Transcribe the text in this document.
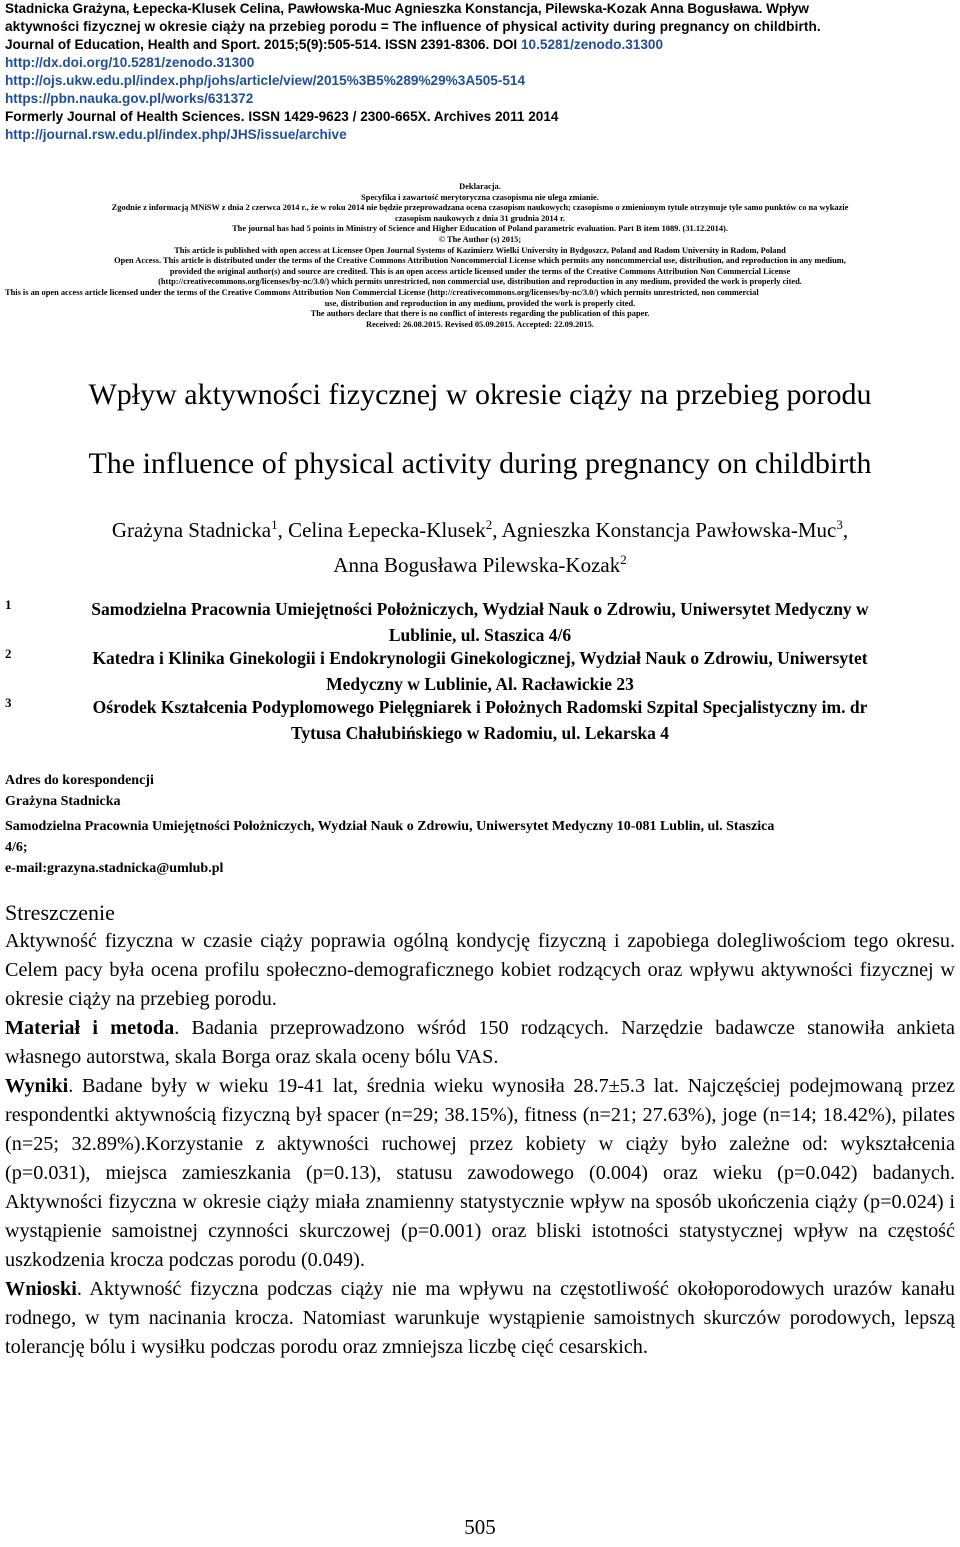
Stadnicka Grażyna, Łepecka-Klusek Celina, Pawłowska-Muc Agnieszka Konstancja, Pilewska-Kozak Anna Bogusława. Wpływ
aktywności fizycznej w okresie ciąży na przebieg porodu = The influence of physical activity during pregnancy on childbirth.
Journal of Education, Health and Sport. 2015;5(9):505-514. ISSN 2391-8306. DOI 10.5281/zenodo.31300
http://dx.doi.org/10.5281/zenodo.31300
http://ojs.ukw.edu.pl/index.php/johs/article/view/2015%3B5%289%29%3A505-514
https://pbn.nauka.gov.pl/works/631372
Formerly Journal of Health Sciences. ISSN 1429-9623 / 2300-665X. Archives 2011 2014
http://journal.rsw.edu.pl/index.php/JHS/issue/archive
Deklaracja.
Specyfika i zawartość merytoryczna czasopisma nie ulega zmianie.
Zgodnie z informacją MNiSW z dnia 2 czerwca 2014 r., że w roku 2014 nie będzie przeprowadzana ocena czasopism naukowych; czasopismo o zmienionym tytule otrzymuje tyle samo punktów co na wykazie
czasopism naukowych z dnia 31 grudnia 2014 r.
The journal has had 5 points in Ministry of Science and Higher Education of Poland parametric evaluation. Part B item 1089. (31.12.2014).
© The Author (s) 2015;
This article is published with open access at Licensee Open Journal Systems of Kazimierz Wielki University in Bydgoszcz, Poland and Radom University in Radom, Poland
Open Access. This article is distributed under the terms of the Creative Commons Attribution Noncommercial License which permits any noncommercial use, distribution, and reproduction in any medium,
provided the original author(s) and source are credited. This is an open access article licensed under the terms of the Creative Commons Attribution Non Commercial License
(http://creativecommons.org/licenses/by-nc/3.0/) which permits unrestricted, non commercial use, distribution and reproduction in any medium, provided the work is properly cited.
This is an open access article licensed under the terms of the Creative Commons Attribution Non Commercial License (http://creativecommons.org/licenses/by-nc/3.0/) which permits unrestricted, non commercial
use, distribution and reproduction in any medium, provided the work is properly cited.
The authors declare that there is no conflict of interests regarding the publication of this paper.
Received: 26.08.2015. Revised 05.09.2015. Accepted: 22.09.2015.
Wpływ aktywności fizycznej w okresie ciąży na przebieg porodu
The influence of physical activity during pregnancy on childbirth
Grażyna Stadnicka$^1$, Celina Łepecka-Klusek$^2$, Agnieszka Konstancja Pawłowska-Muc$^3$,
Anna Bogusława Pilewska-Kozak$^2$
1	Samodzielna Pracownia Umiejętności Położniczych, Wydział Nauk o Zdrowiu, Uniwersytet Medyczny w
Lublinie, ul. Staszica 4/6
2	Katedra i Klinika Ginekologii i Endokrynologii Ginekologicznej, Wydział Nauk o Zdrowiu, Uniwersytet
Medyczny w Lublinie, Al. Racławickie 23
3	Ośrodek Kształcenia Podyplomowego Pielęgniarek i Położnych Radomski Szpital Specjalistyczny im. dr
Tytusa Chałubińskiego w Radomiu, ul. Lekarska 4
Adres do korespondencji
Grażyna Stadnicka
Samodzielna Pracownia Umiejętności Położniczych, Wydział Nauk o Zdrowiu, Uniwersytet Medyczny 10-081 Lublin, ul. Staszica
4/6;
e-mail:grazyna.stadnicka@umlub.pl
Streszczenie
Aktywność fizyczna w czasie ciąży poprawia ogólną kondycję fizyczną i zapobiega dolegliwościom tego okresu. Celem pacy była ocena profilu społeczno-demograficznego kobiet rodzących oraz wpływu aktywności fizycznej w okresie ciąży na przebieg porodu.
Materiał i metoda. Badania przeprowadzono wśród 150 rodzących. Narzędzie badawcze stanowiła ankieta własnego autorstwa, skala Borga oraz skala oceny bólu VAS.
Wyniki. Badane były w wieku 19-41 lat, średnia wieku wynosiła 28.7±5.3 lat. Najczęściej podejmowaną przez respondentki aktywnością fizyczną był spacer (n=29; 38.15%), fitness (n=21; 27.63%), joge (n=14; 18.42%), pilates (n=25; 32.89%).Korzystanie z aktywności ruchowej przez kobiety w ciąży było zależne od: wykształcenia (p=0.031), miejsca zamieszkania (p=0.13), statusu zawodowego (0.004) oraz wieku (p=0.042) badanych. Aktywności fizyczna w okresie ciąży miała znamienny statystycznie wpływ na sposób ukończenia ciąży (p=0.024) i wystąpienie samoistnej czynności skurczowej (p=0.001) oraz bliski istotności statystycznej wpływ na częstość uszkodzenia krocza podczas porodu (0.049).
Wnioski. Aktywność fizyczna podczas ciąży nie ma wpływu na częstotliwość okołoporodowych urazów kanału rodnego, w tym nacinania krocza. Natomiast warunkuje wystąpienie samoistnych skurczów porodowych, lepszą tolerancję bólu i wysiłku podczas porodu oraz zmniejsza liczbę cięć cesarskich.
505
